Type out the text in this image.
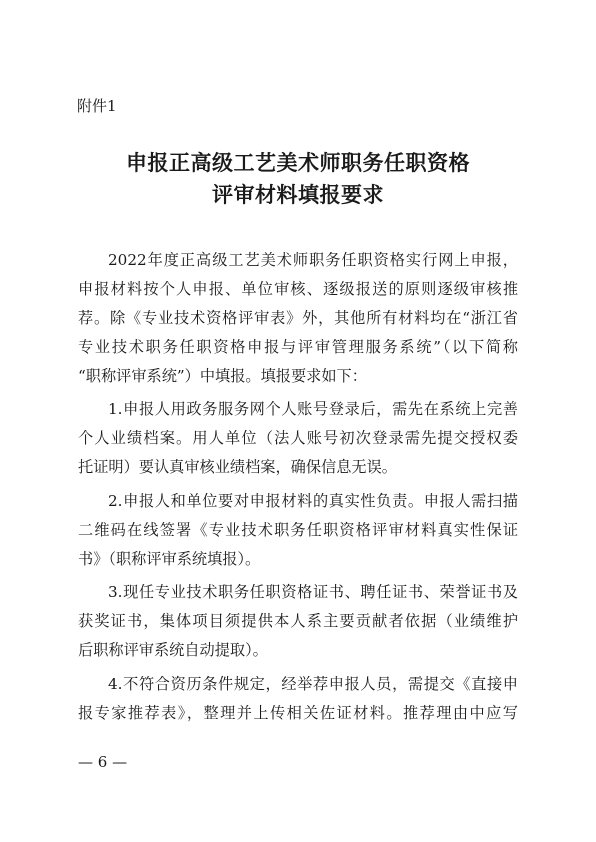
附件1
申报正高级工艺美术师职务任职资格
评审材料填报要求
2022年度正高级工艺美术师职务任职资格实行网上申报，
申报材料按个人申报、单位审核、逐级报送的原则逐级审核推
荐。除《专业技术资格评审表》外，其他所有材料均在“浙江省
专业技术职务任职资格申报与评审管理服务系统”（以下简称
“职称评审系统”）中填报。填报要求如下：
1.申报人用政务服务网个人账号登录后，需先在系统上完善
个人业绩档案。用人单位（法人账号初次登录需先提交授权委
托证明）要认真审核业绩档案，确保信息无误。
2.申报人和单位要对申报材料的真实性负责。申报人需扫描
二维码在线签署《专业技术职务任职资格评审材料真实性保证
书》（职称评审系统填报）。
3.现任专业技术职务任职资格证书、聘任证书、荣誉证书及
获奖证书，集体项目须提供本人系主要贡献者依据（业绩维护
后职称评审系统自动提取）。
4.不符合资历条件规定，经举荐申报人员，需提交《直接申
报专家推荐表》，整理并上传相关佐证材料。推荐理由中应写
— 6 —
